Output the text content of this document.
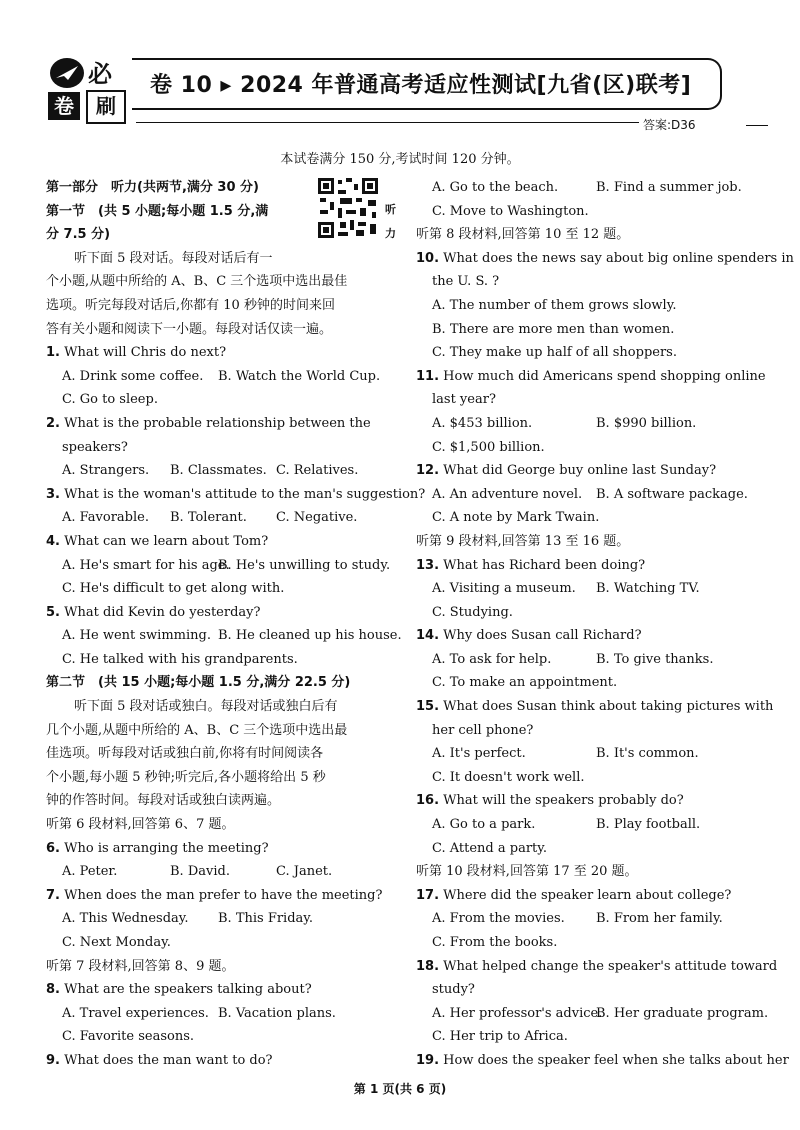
必
卷	刷
卷 10 ▸ 2024 年普通高考适应性测试[九省(区)联考]
答案:D36
本试卷满分 150 分,考试时间 120 分钟。
听力
第一部分　听力(共两节,满分 30 分)
第一节　(共 5 小题;每小题 1.5 分,满
分 7.5 分)
听下面 5 段对话。每段对话后有一
个小题,从题中所给的 A、B、C 三个选项中选出最佳
选项。听完每段对话后,你都有 10 秒钟的时间来回
答有关小题和阅读下一小题。每段对话仅读一遍。
1. What will Chris do next?
A. Drink some coffee. B. Watch the World Cup.
C. Go to sleep.
2. What is the probable relationship between the
speakers?
A. Strangers. B. Classmates. C. Relatives.
3. What is the woman's attitude to the man's suggestion?
A. Favorable. B. Tolerant. C. Negative.
4. What can we learn about Tom?
A. He's smart for his age.B. He's unwilling to study.
C. He's difficult to get along with.
5. What did Kevin do yesterday?
A. He went swimming. B. He cleaned up his house.
C. He talked with his grandparents.
第二节　(共 15 小题;每小题 1.5 分,满分 22.5 分)
听下面 5 段对话或独白。每段对话或独白后有
几个小题,从题中所给的 A、B、C 三个选项中选出最
佳选项。听每段对话或独白前,你将有时间阅读各
个小题,每小题 5 秒钟;听完后,各小题将给出 5 秒
钟的作答时间。每段对话或独白读两遍。
听第 6 段材料,回答第 6、7 题。
6. Who is arranging the meeting?
A. Peter.	B. David.	C. Janet.
7. When does the man prefer to have the meeting?
A. This Wednesday. B. This Friday.
C. Next Monday.
听第 7 段材料,回答第 8、9 题。
8. What are the speakers talking about?
A. Travel experiences. B. Vacation plans.
C. Favorite seasons.
9. What does the man want to do?
A. Go to the beach.	B. Find a summer job.
C. Move to Washington.
听第 8 段材料,回答第 10 至 12 题。
10. What does the news say about big online spenders in
the U. S. ?
A. The number of them grows slowly.
B. There are more men than women.
C. They make up half of all shoppers.
11. How much did Americans spend shopping online
last year?
A. $453 billion.	B. $990 billion.
C. $1,500 billion.
12. What did George buy online last Sunday?
A. An adventure novel. B. A software package.
C. A note by Mark Twain.
听第 9 段材料,回答第 13 至 16 题。
13. What has Richard been doing?
A. Visiting a museum. B. Watching TV.
C. Studying.
14. Why does Susan call Richard?
A. To ask for help.	B. To give thanks.
C. To make an appointment.
15. What does Susan think about taking pictures with
her cell phone?
A. It's perfect.	B. It's common.
C. It doesn't work well.
16. What will the speakers probably do?
A. Go to a park.	B. Play football.
C. Attend a party.
听第 10 段材料,回答第 17 至 20 题。
17. Where did the speaker learn about college?
A. From the movies. B. From her family.
C. From the books.
18. What helped change the speaker's attitude toward
study?
A. Her professor's advice.B. Her graduate program.
C. Her trip to Africa.
19. How does the speaker feel when she talks about her
第 1 页(共 6 页)
